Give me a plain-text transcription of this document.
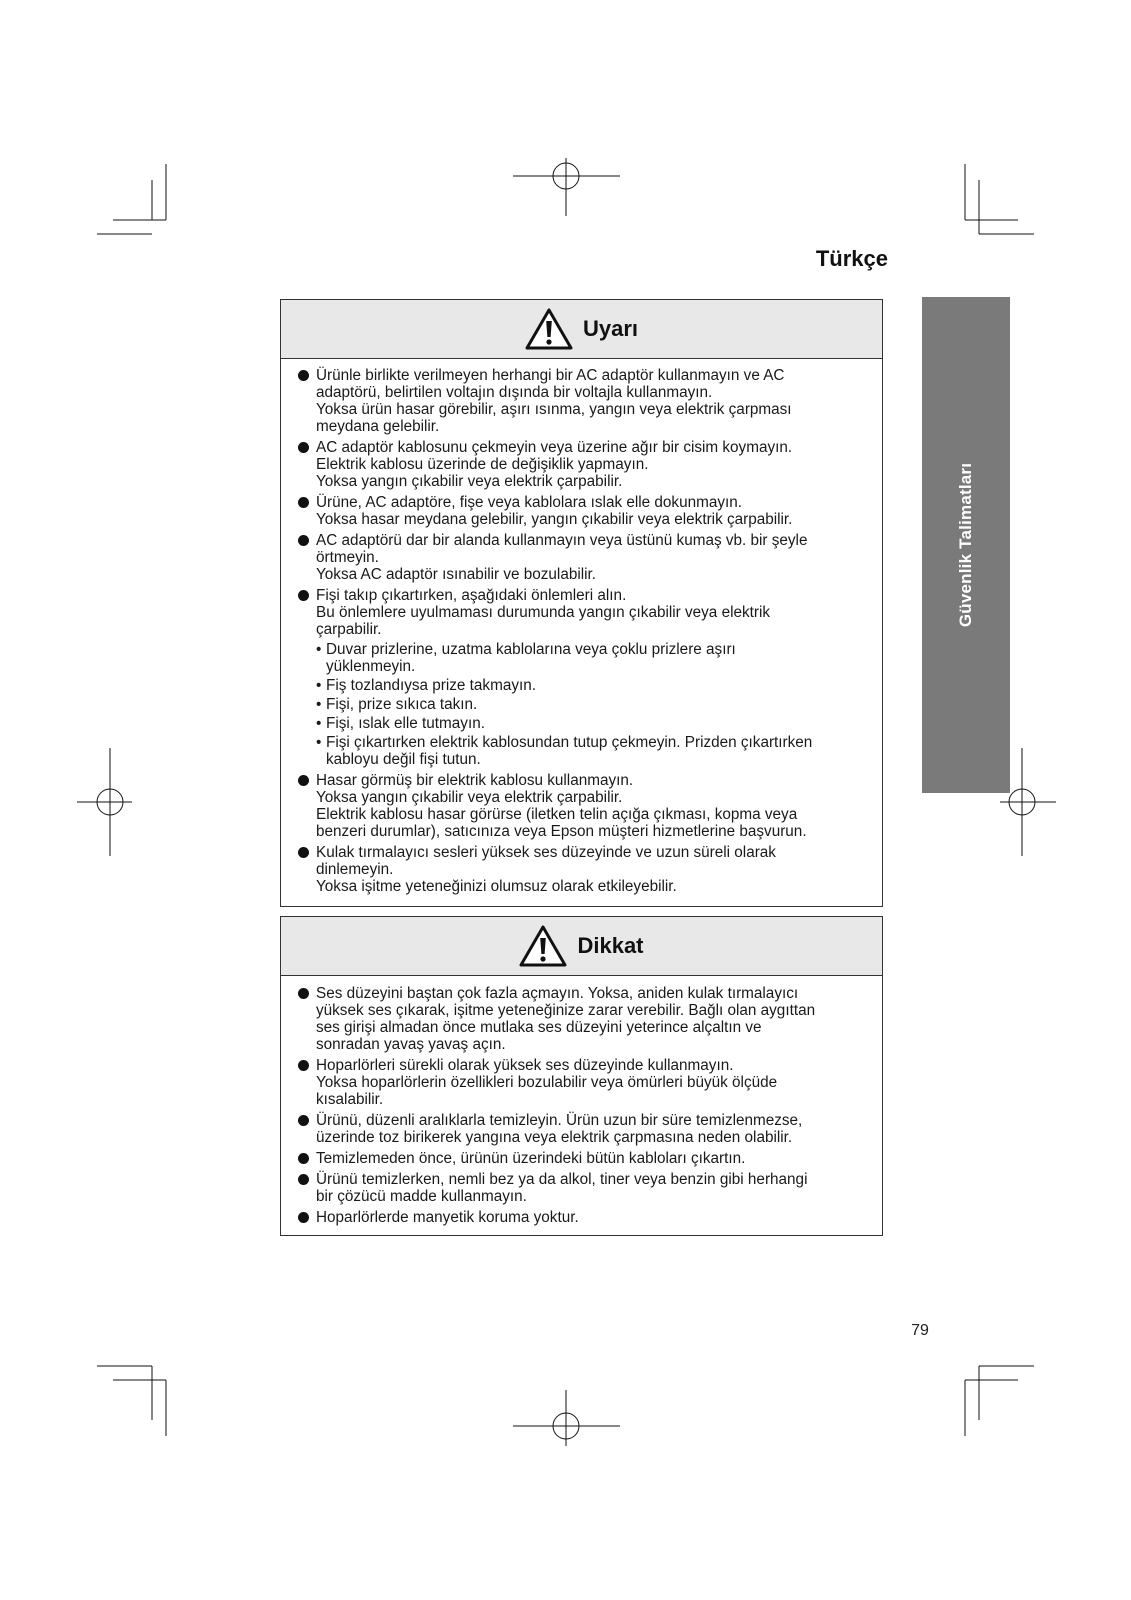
Türkçe
Güvenlik Talimatları
Uyarı
Ürünle birlikte verilmeyen herhangi bir AC adaptör kullanmayın ve AC
adaptörü, belirtilen voltajın dışında bir voltajla kullanmayın.
Yoksa ürün hasar görebilir, aşırı ısınma, yangın veya elektrik çarpması
meydana gelebilir.
AC adaptör kablosunu çekmeyin veya üzerine ağır bir cisim koymayın.
Elektrik kablosu üzerinde de değişiklik yapmayın.
Yoksa yangın çıkabilir veya elektrik çarpabilir.
Ürüne, AC adaptöre, fişe veya kablolara ıslak elle dokunmayın.
Yoksa hasar meydana gelebilir, yangın çıkabilir veya elektrik çarpabilir.
AC adaptörü dar bir alanda kullanmayın veya üstünü kumaş vb. bir şeyle
örtmeyin.
Yoksa AC adaptör ısınabilir ve bozulabilir.
Fişi takıp çıkartırken, aşağıdaki önlemleri alın.
Bu önlemlere uyulmaması durumunda yangın çıkabilir veya elektrik
çarpabilir.
• Duvar prizlerine, uzatma kablolarına veya çoklu prizlere aşırı
yüklenmeyin.
• Fiş tozlandıysa prize takmayın.
• Fişi, prize sıkıca takın.
• Fişi, ıslak elle tutmayın.
• Fişi çıkartırken elektrik kablosundan tutup çekmeyin. Prizden çıkartırken
kabloyu değil fişi tutun.
Hasar görmüş bir elektrik kablosu kullanmayın.
Yoksa yangın çıkabilir veya elektrik çarpabilir.
Elektrik kablosu hasar görürse (iletken telin açığa çıkması, kopma veya
benzeri durumlar), satıcınıza veya Epson müşteri hizmetlerine başvurun.
Kulak tırmalayıcı sesleri yüksek ses düzeyinde ve uzun süreli olarak
dinlemeyin.
Yoksa işitme yeteneğinizi olumsuz olarak etkileyebilir.
Dikkat
Ses düzeyini baştan çok fazla açmayın. Yoksa, aniden kulak tırmalayıcı
yüksek ses çıkarak, işitme yeteneğinize zarar verebilir. Bağlı olan aygıttan
ses girişi almadan önce mutlaka ses düzeyini yeterince alçaltın ve
sonradan yavaş yavaş açın.
Hoparlörleri sürekli olarak yüksek ses düzeyinde kullanmayın.
Yoksa hoparlörlerin özellikleri bozulabilir veya ömürleri büyük ölçüde
kısalabilir.
Ürünü, düzenli aralıklarla temizleyin. Ürün uzun bir süre temizlenmezse,
üzerinde toz birikerek yangına veya elektrik çarpmasına neden olabilir.
Temizlemeden önce, ürünün üzerindeki bütün kabloları çıkartın.
Ürünü temizlerken, nemli bez ya da alkol, tiner veya benzin gibi herhangi
bir çözücü madde kullanmayın.
Hoparlörlerde manyetik koruma yoktur.
79
